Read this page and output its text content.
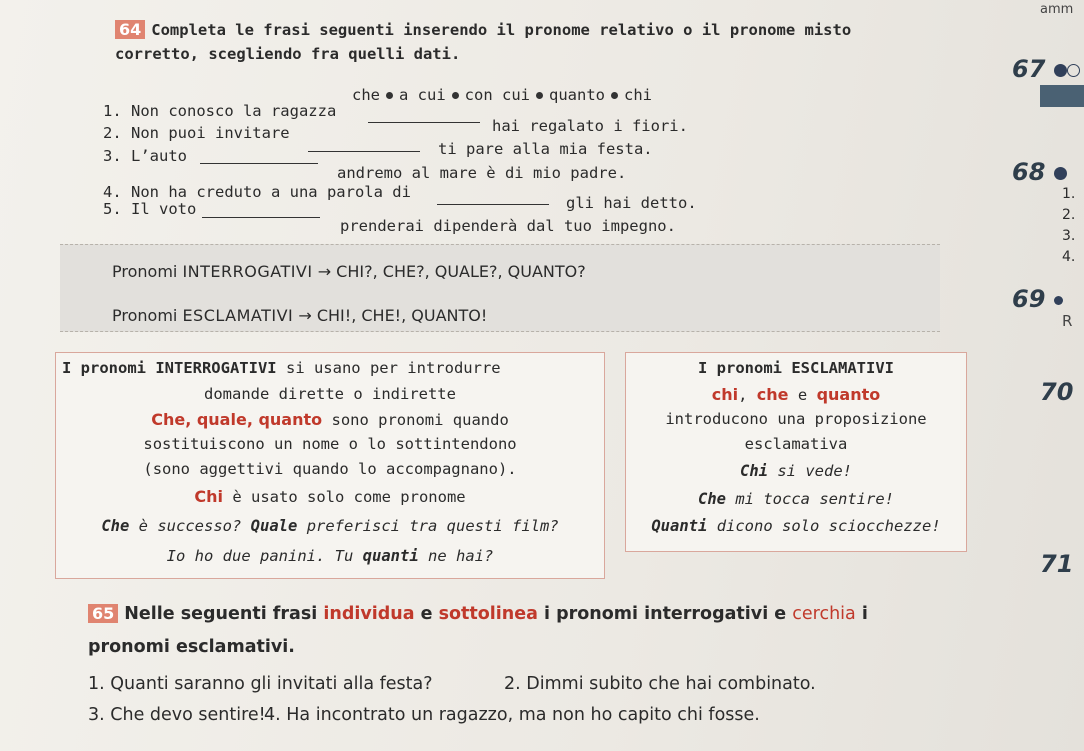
amm
64 Completa le frasi seguenti inserendo il pronome relativo o il pronome misto
corretto, scegliendo fra quelli dati.
che a cui con cui quanto chi
1. Non conosco la ragazza
hai regalato i fiori.
2. Non puoi invitare
ti pare alla mia festa.
3. L’auto
andremo al mare è di mio padre.
4. Non ha creduto a una parola di
gli hai detto.
5. Il voto
prenderai dipenderà dal tuo impegno.
Pronomi INTERROGATIVI → CHI?, CHE?, QUALE?, QUANTO?
Pronomi ESCLAMATIVI → CHI!, CHE!, QUANTO!
I pronomi INTERROGATIVI si usano per introdurre
domande dirette o indirette
Che, quale, quanto sono pronomi quando
sostituiscono un nome o lo sottintendono
(sono aggettivi quando lo accompagnano).
Chi è usato solo come pronome
Che è successo? Quale preferisci tra questi film?
Io ho due panini. Tu quanti ne hai?
I pronomi ESCLAMATIVI
chi, che e quanto
introducono una proposizione
esclamativa
Chi si vede!
Che mi tocca sentire!
Quanti dicono solo sciocchezze!
65 Nelle seguenti frasi individua e sottolinea i pronomi interrogativi e cerchia i
pronomi esclamativi.
1. Quanti saranno gli invitati alla festa?	2. Dimmi subito che hai combinato.
3. Che devo sentire!
4. Ha incontrato un ragazzo, ma non ho capito chi fosse.
67
68
1.
2.
3.
4.
69
R
70
71
